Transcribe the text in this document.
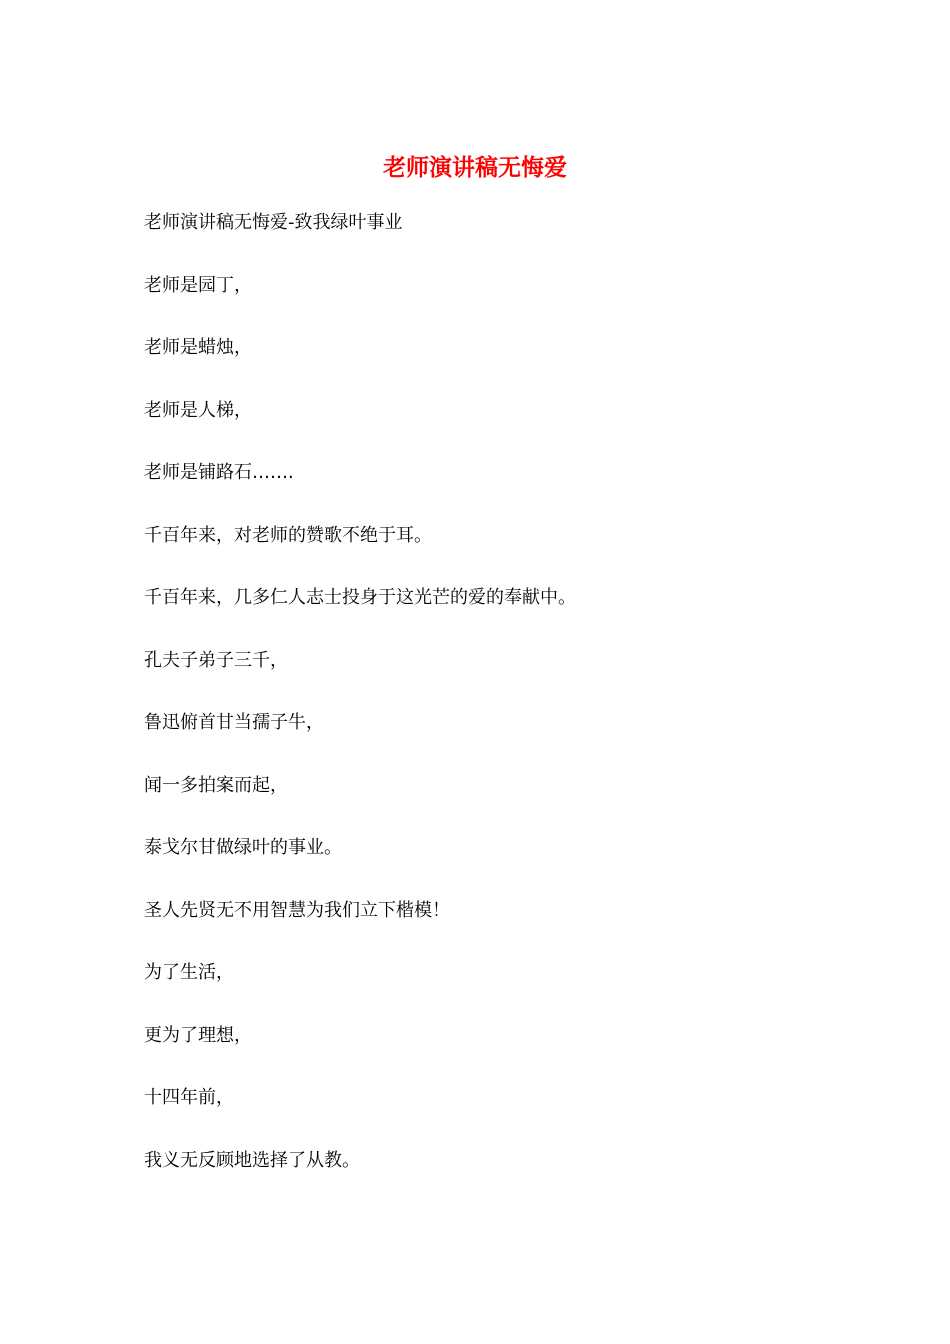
老师演讲稿无悔爱

老师演讲稿无悔爱-致我绿叶事业

老师是园丁，

老师是蜡烛，

老师是人梯，

老师是铺路石…….

千百年来，对老师的赞歌不绝于耳。

千百年来，几多仁人志士投身于这光芒的爱的奉献中。

孔夫子弟子三千，

鲁迅俯首甘当孺子牛，

闻一多拍案而起，

泰戈尔甘做绿叶的事业。

圣人先贤无不用智慧为我们立下楷模！

为了生活，

更为了理想，

十四年前，

我义无反顾地选择了从教。
